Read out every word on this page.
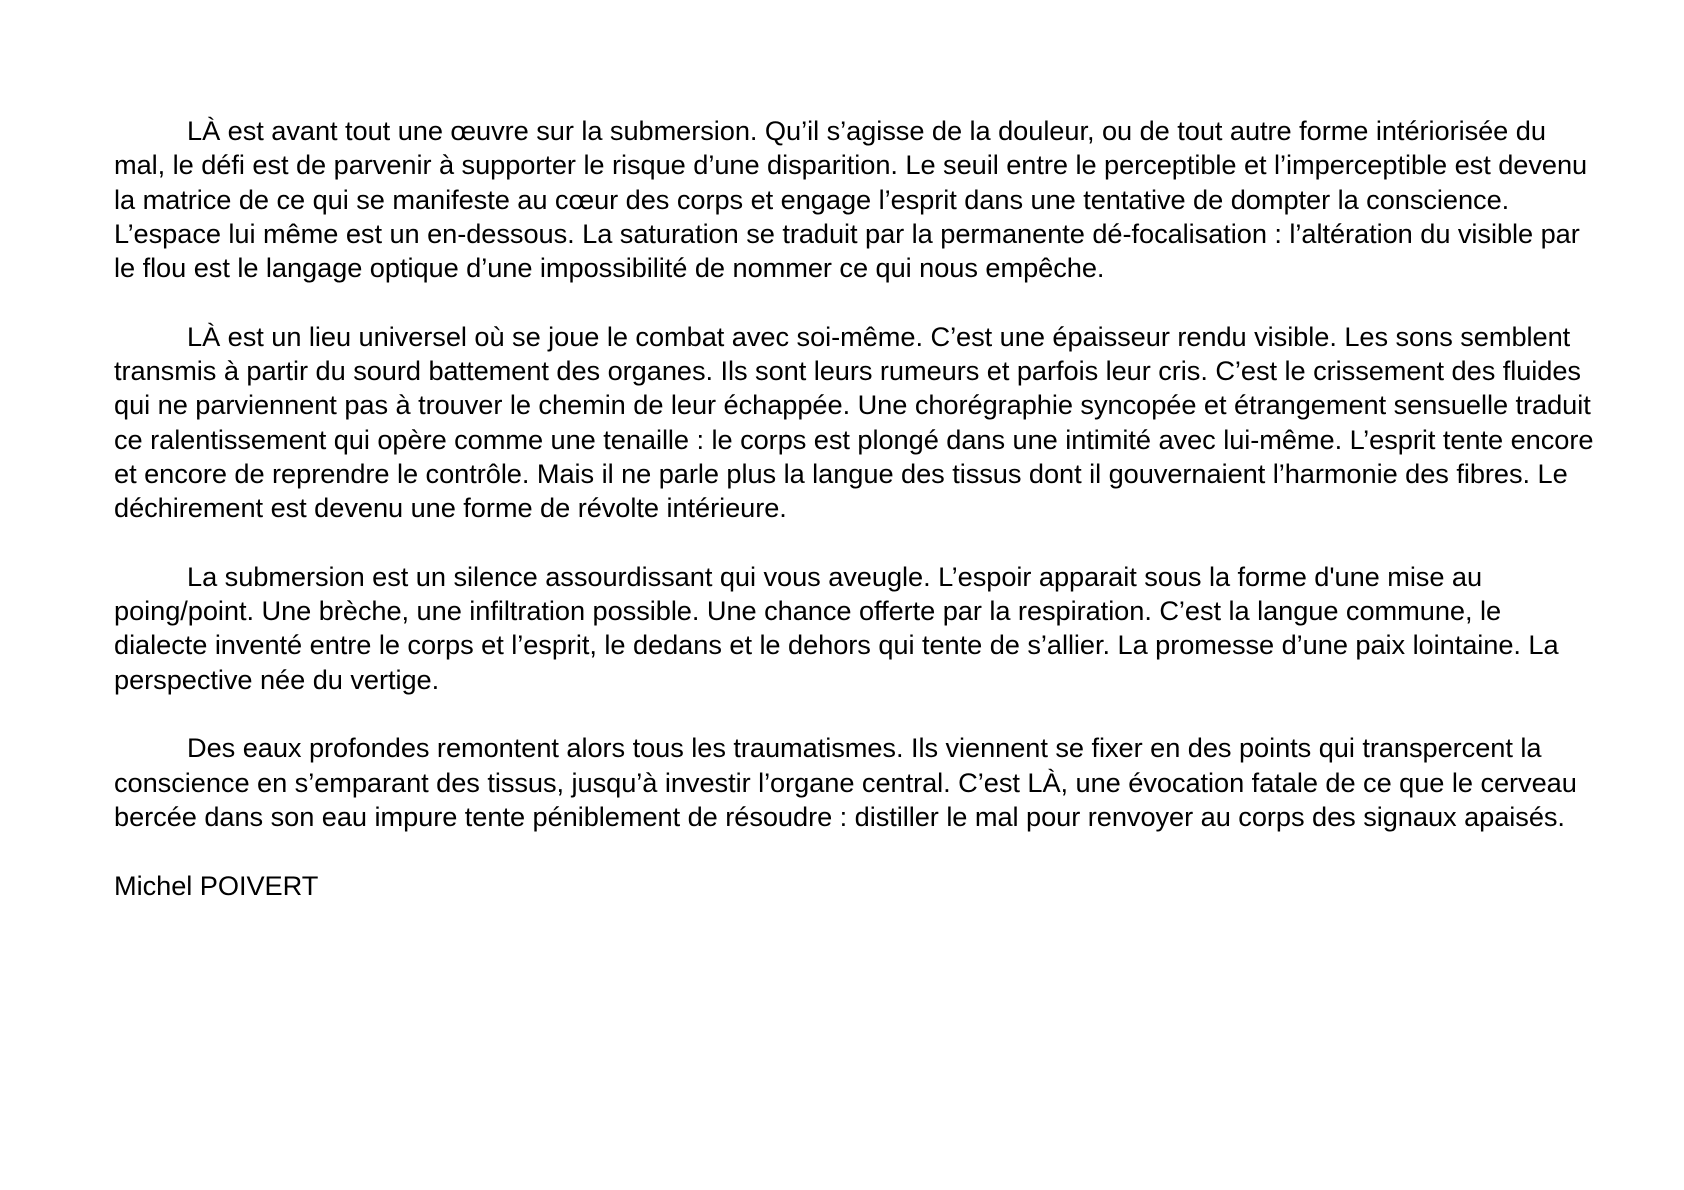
LÀ est avant tout une œuvre sur la submersion. Qu’il s’agisse de la douleur, ou de tout autre forme intériorisée du mal, le défi est de parvenir à supporter le risque d’une disparition. Le seuil entre le perceptible et l’imperceptible est devenu la matrice de ce qui se manifeste au cœur des corps et engage l’esprit dans une tentative de dompter la conscience. L’espace lui même est un en-dessous. La saturation se traduit par la permanente dé-focalisation : l’altération du visible par le flou est le langage optique d’une impossibilité de nommer ce qui nous empêche.

LÀ est un lieu universel où se joue le combat avec soi-même. C’est une épaisseur rendu visible. Les sons semblent transmis à partir du sourd battement des organes. Ils sont leurs rumeurs et parfois leur cris. C’est le crissement des fluides qui ne parviennent pas à trouver le chemin de leur échappée. Une chorégraphie syncopée et étrangement sensuelle traduit ce ralentissement qui opère comme une tenaille : le corps est plongé dans une intimité avec lui-même. L’esprit tente encore et encore de reprendre le contrôle. Mais il ne parle plus la langue des tissus dont il gouvernaient l’harmonie des fibres. Le déchirement est devenu une forme de révolte intérieure.

La submersion est un silence assourdissant qui vous aveugle. L’espoir apparait sous la forme d'une mise au poing/point. Une brèche, une infiltration possible. Une chance offerte par la respiration. C’est la langue commune, le dialecte inventé entre le corps et l’esprit, le dedans et le dehors qui tente de s’allier. La promesse d’une paix lointaine. La perspective née du vertige.

Des eaux profondes remontent alors tous les traumatismes. Ils viennent se fixer en des points qui transpercent la conscience en s’emparant des tissus, jusqu’à investir l’organe central. C’est LÀ, une évocation fatale de ce que le cerveau bercée dans son eau impure tente péniblement de résoudre : distiller le mal pour renvoyer au corps des signaux apaisés.

Michel POIVERT
